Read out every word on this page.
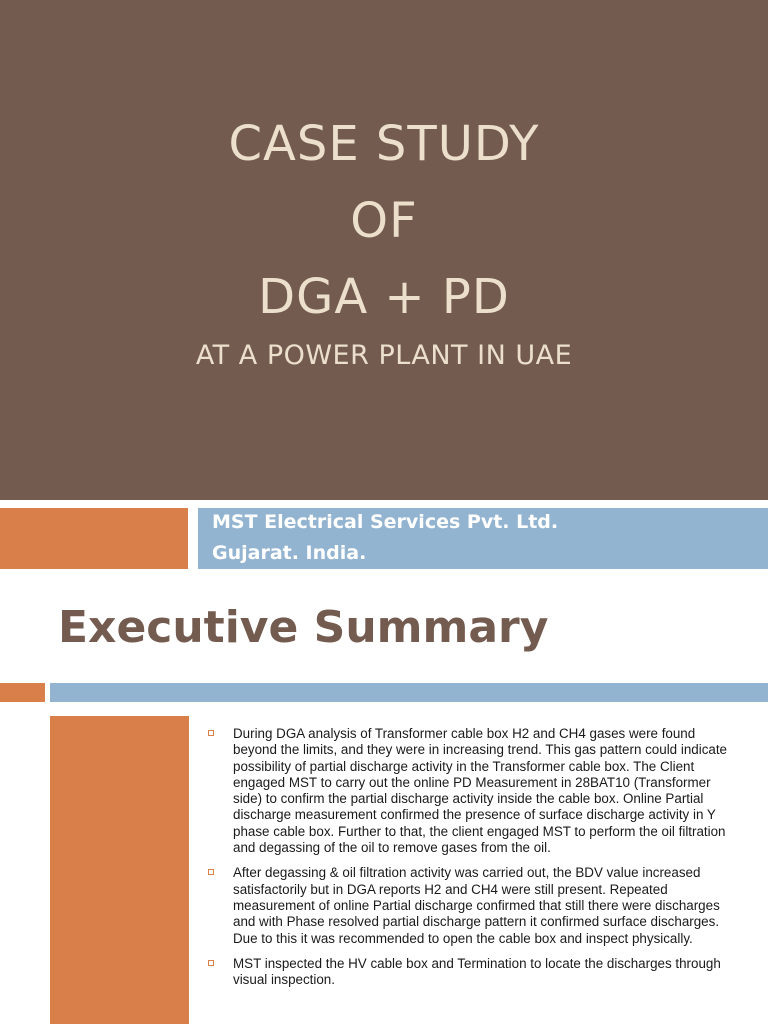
CASE STUDY
OF
DGA + PD
AT A POWER PLANT IN UAE
MST Electrical Services Pvt. Ltd.
Gujarat. India.
Executive Summary
During DGA analysis of Transformer cable box H2 and CH4 gases were found beyond the limits, and they were in increasing trend. This gas pattern could indicate possibility of partial discharge activity in the Transformer cable box. The Client engaged MST to carry out the online PD Measurement in 28BAT10 (Transformer side) to confirm the partial discharge activity inside the cable box. Online Partial discharge measurement confirmed the presence of surface discharge activity in Y phase cable box. Further to that, the client engaged MST to perform the oil filtration and degassing of the oil to remove gases from the oil.
After degassing & oil filtration activity was carried out, the BDV value increased satisfactorily but in DGA reports H2 and CH4 were still present. Repeated measurement of online Partial discharge confirmed that still there were discharges and with Phase resolved partial discharge pattern it confirmed surface discharges. Due to this it was recommended to open the cable box and inspect physically.
MST inspected the HV cable box and Termination to locate the discharges through visual inspection.
